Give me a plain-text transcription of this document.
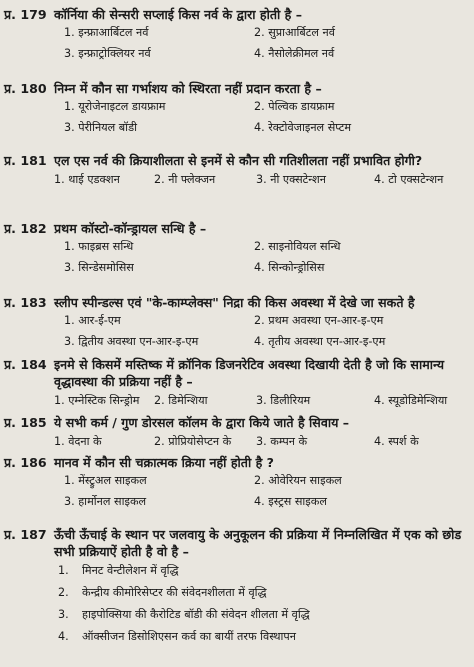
प्र. 179 कॉर्निया की सेन्सरी सप्लाई किस नर्व के द्वारा होती है –
1. इन्फ्राआर्बिटल नर्व	2. सुप्राआर्बिटल नर्व
3. इन्फ्राट्रोक्लियर नर्व	4. नैसोलेक्रीमल नर्व
प्र. 180 निम्न में कौन सा गर्भाशय को स्थिरता नहीं प्रदान करता है –
1. यूरोजेनाइटल डायफ्राम	2. पेल्विक डायफ्राम
3. पेरीनियल बॉडी	4. रेक्टोवेजाइनल सेप्टम
प्र. 181 एल एस नर्व की क्रियाशीलता से इनमें से कौन सी गतिशीलता नहीं प्रभावित होगी?
1. थाई एडक्शन	2. नी फ्लेक्जन	3. नी एक्सटेन्शन	4. टो एक्सटेन्शन
प्र. 182 प्रथम कॉस्टो-कॉन्ड्रायल सन्धि है –
1. फाइब्रस सन्धि	2. साइनोवियल सन्धि
3. सिन्डेसमोसिस	4. सिन्कोन्ड्रोसिस
प्र. 183 स्लीप स्पीन्डल्स एवं "के-काम्प्लेक्स" निद्रा की किस अवस्था में देखे जा सकते है
1. आर-ई-एम	2. प्रथम अवस्था एन-आर-इ-एम
3. द्वितीय अवस्था एन-आर-इ-एम	4. तृतीय अवस्था एन-आर-इ-एम
प्र. 184 इनमे से किसमें मस्तिष्क में क्रॉनिक डिजनरेटिव अवस्था दिखायी देती है जो कि सामान्य वृद्धावस्था की प्रक्रिया नहीं है –
1. एम्नेस्टिक सिन्ड्रोम 2. डिमेन्शिया	3. डिलीरियम	4. स्यूडोडिमेन्शिया
प्र. 185 ये सभी कर्म / गुण डोरसल कॉलम के द्वारा किये जाते है सिवाय –
1. वेदना के	2. प्रोप्रियोसेप्टन के 3. कम्पन के	4. स्पर्श के
प्र. 186 मानव में कौन सी चक्रात्मक क्रिया नहीं होती है ?
1. मेंस्ट्रुअल साइकल	2. ओवेरियन साइकल
3. हार्मोनल साइकल	4. इस्ट्रस साइकल
प्र. 187 ऊँची ऊँचाई के स्थान पर जलवायु के अनुकूलन की प्रक्रिया में निम्नलिखित में एक को छोड सभी प्रक्रियाऐं होती है वो है –
1. मिनट वेन्टीलेशन में वृद्धि
2. केन्द्रीय कीमोरिसेप्टर की संवेदनशीलता में वृद्धि
3. हाइपोक्सिया की कैरोटिड बॉडी की संवेदन शीलता में वृद्धि
4. ऑक्सीजन डिसोशिएसन कर्व का बायीं तरफ विस्थापन
